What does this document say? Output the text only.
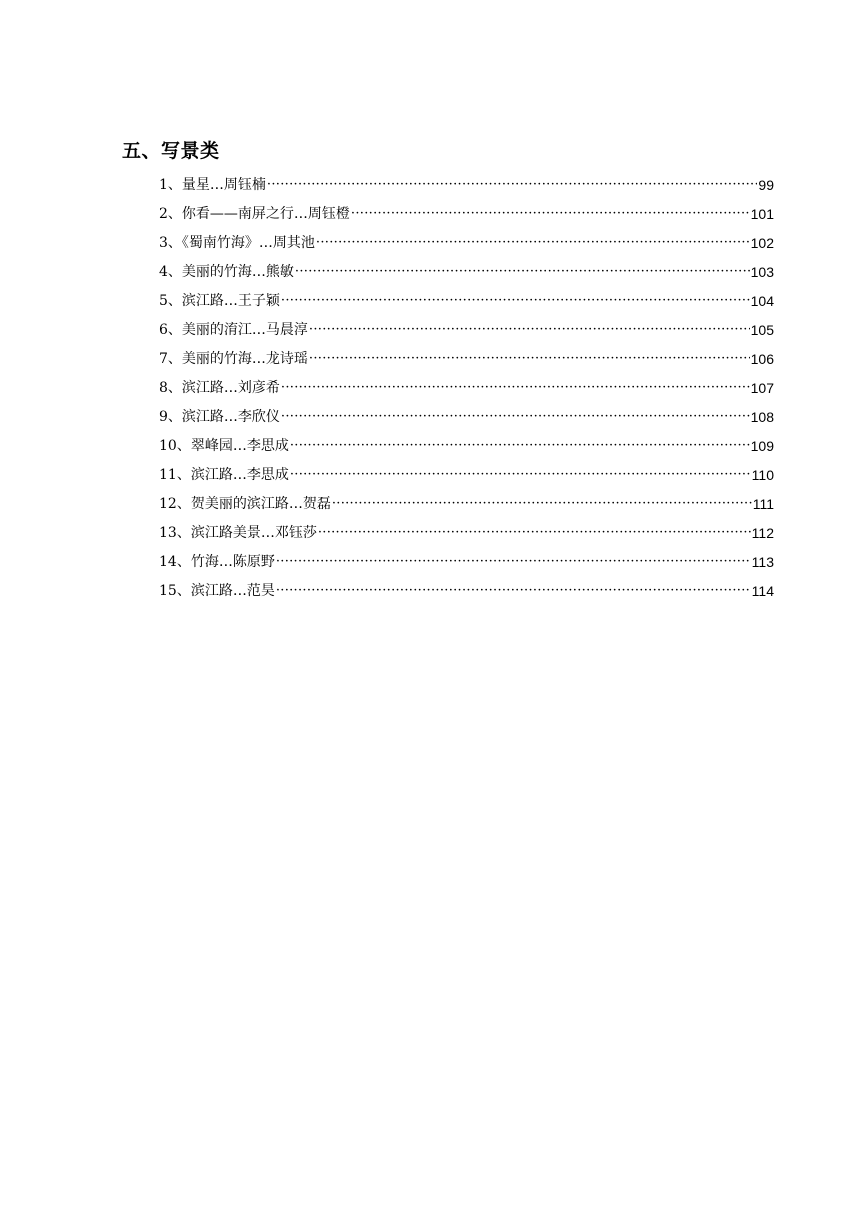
五、写景类
1、量星…周钰楠 ·····	99
2、你看——南屏之行…周钰橙 ·····	101
3、《蜀南竹海》…周其池 ·····	102
4、美丽的竹海…熊敏 ·····	103
5、滨江路…王子颖 ·····	104
6、美丽的淯江…马晨淳 ·····	105
7、美丽的竹海…龙诗瑶 ·····	106
8、滨江路…刘彦希 ·····	107
9、滨江路…李欣仪 ·····	108
10、翠峰园…李思成 ·····	109
11、滨江路…李思成 ·····	110
12、贺美丽的滨江路…贺磊 ·····	111
13、滨江路美景…邓钰莎 ·····	112
14、竹海…陈原野 ·····	113
15、滨江路…范昊 ·····	114
